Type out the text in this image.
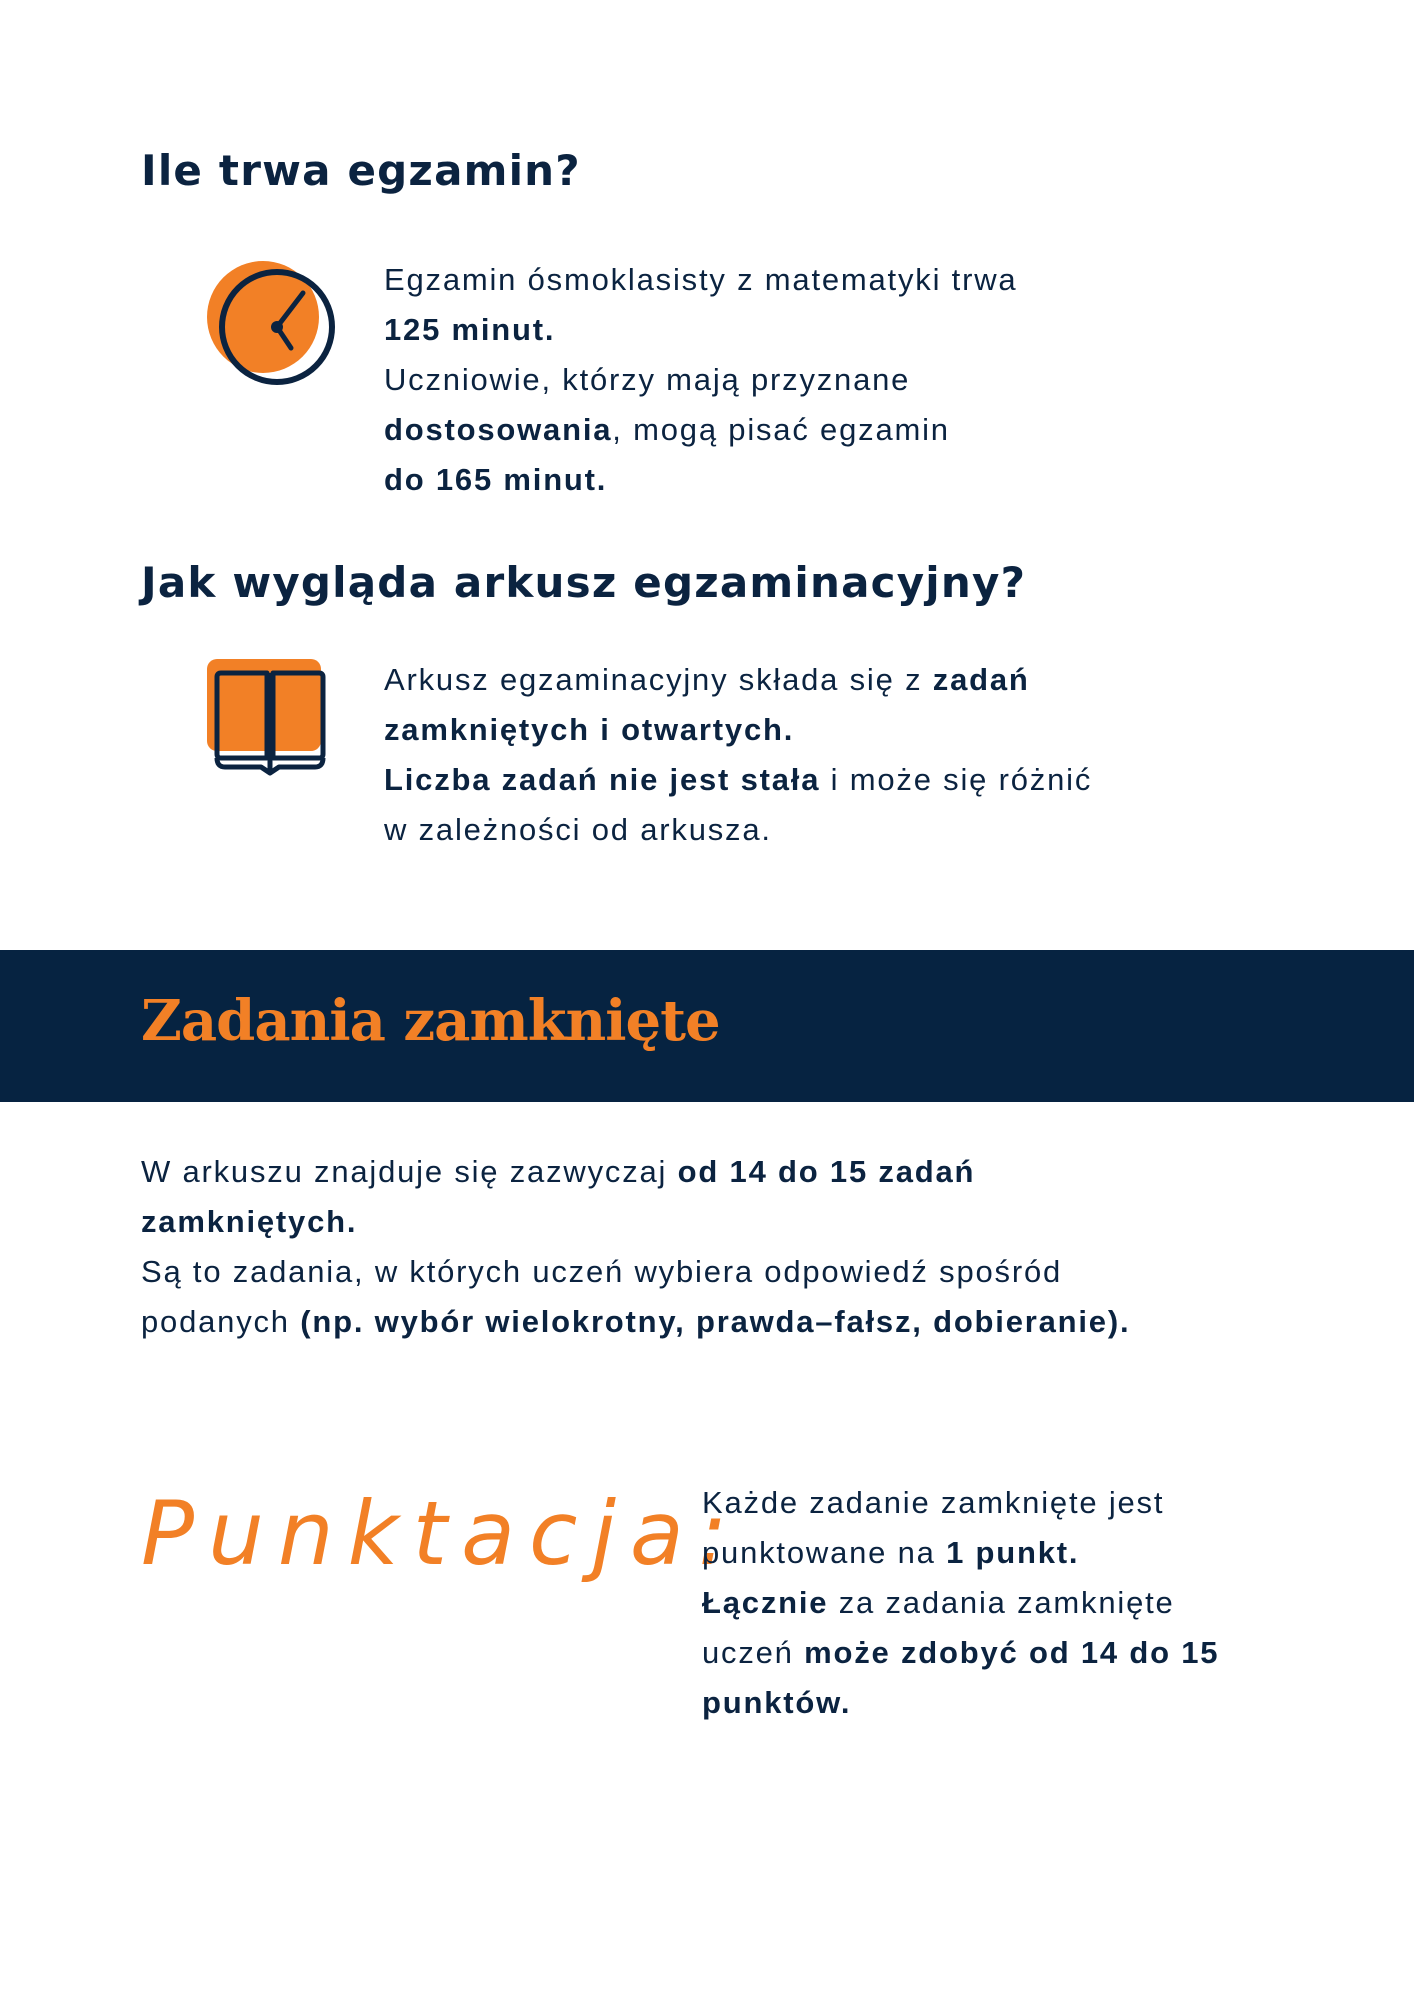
Ile trwa egzamin?

Egzamin ósmoklasisty z matematyki trwa
125 minut.
Uczniowie, którzy mają przyznane
dostosowania, mogą pisać egzamin
do 165 minut.

Jak wygląda arkusz egzaminacyjny?

Arkusz egzaminacyjny składa się z zadań
zamkniętych i otwartych.
Liczba zadań nie jest stała i może się różnić
w zależności od arkusza.

Zadania zamknięte

W arkuszu znajduje się zazwyczaj od 14 do 15 zadań
zamkniętych.
Są to zadania, w których uczeń wybiera odpowiedź spośród
podanych (np. wybór wielokrotny, prawda–fałsz, dobieranie).

Punktacja:

Każde zadanie zamknięte jest
punktowane na 1 punkt.
Łącznie za zadania zamknięte
uczeń może zdobyć od 14 do 15
punktów.
